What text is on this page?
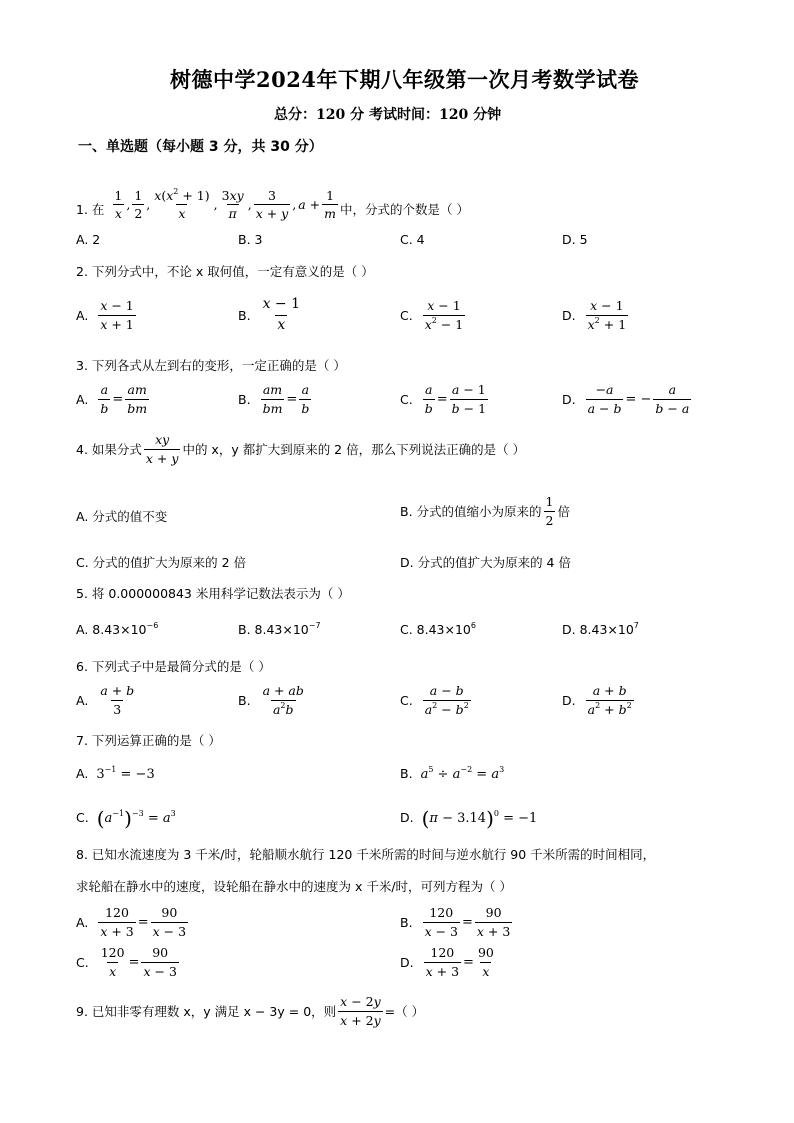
树德中学2024年下期八年级第一次月考数学试卷
总分：120 分 考试时间：120 分钟
一、单选题（每小题 3 分，共 30 分）
1. 在 $\frac{1}{x}$ , $\frac{1}{2}$ , $\frac{x(x^2 + 1)}{x}$ , $\frac{3xy}{\pi}$ , $\frac{3}{x + y}$ , $a + \frac{1}{m}$ 中，分式的个数是（ ）
A. 2	B. 3	C. 4	D. 5
2. 下列分式中，不论 x 取何值，一定有意义的是（ ）
A. $\frac{x - 1}{x + 1}$	B. $\frac{x - 1}{x}$	C. $\frac{x - 1}{x^2 - 1}$	D. $\frac{x - 1}{x^2 + 1}$
3. 下列各式从左到右的变形，一定正确的是（ ）
A. $\frac{a}{b} = \frac{am}{bm}$	B. $\frac{am}{bm} = \frac{a}{b}$	C. $\frac{a}{b} = \frac{a - 1}{b - 1}$	D. $\frac{-a}{a - b}$ = − $\frac{a}{b - a}$
4. 如果分式 $\frac{xy}{x + y}$ 中的 x，y 都扩大到原来的 2 倍，那么下列说法正确的是（ ）
A. 分式的值不变	B. 分式的值缩小为原来的 $\frac{1}{2}$ 倍
C. 分式的值扩大为原来的 2 倍	D. 分式的值扩大为原来的 4 倍
5. 将 0.000000843 米用科学记数法表示为（ ）
A. $8.43\times 10^{-6}$	B. $8.43\times 10^{-7}$	C. $8.43\times 10^6$	D. $8.43\times 10^7$
6. 下列式子中是最简分式的是（ ）
A. $\frac{a + b}{3}$	B. $\frac{a + ab}{a^2b}$	C. $\frac{a - b}{a^2 - b^2}$	D. $\frac{a + b}{a^2 + b^2}$
7. 下列运算正确的是（ ）
A. $3^{-1} = -3$	B. $a^5 \div a^{-2} = a^3$
C. $(a^{-1})^{-3} = a^3$	D. $(\pi - 3.14)^0 = -1$
8. 已知水流速度为 3 千米/时，轮船顺水航行 120 千米所需的时间与逆水航行 90 千米所需的时间相同，
求轮船在静水中的速度，设轮船在静水中的速度为 x 千米/时，可列方程为（ ）
A. $\frac{120}{x + 3} = \frac{90}{x - 3}$	B. $\frac{120}{x - 3} = \frac{90}{x + 3}$
C. $\frac{120}{x} = \frac{90}{x - 3}$	D. $\frac{120}{x + 3} = \frac{90}{x}$
9. 已知非零有理数 x，y 满足 x − 3y = 0，则 $\frac{x - 2y}{x + 2y}$ =（ ）
